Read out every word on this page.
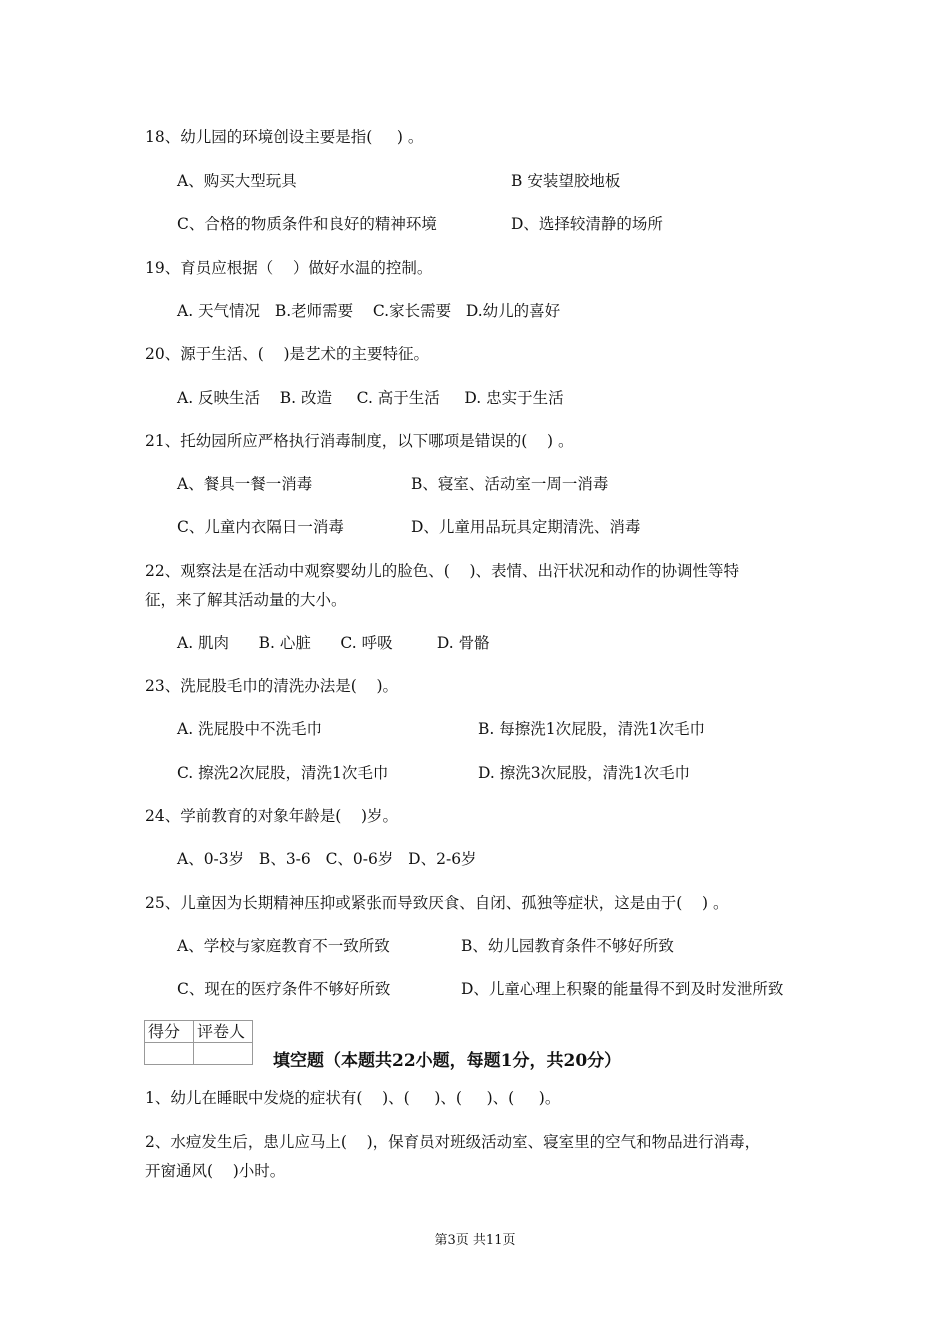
18、幼儿园的环境创设主要是指(     ) 。
A、购买大型玩具	B 安装望胶地板
C、合格的物质条件和良好的精神环境	D、选择较清静的场所
19、育员应根据（    ）做好水温的控制。
A. 天气情况   B.老师需要    C.家长需要   D.幼儿的喜好
20、源于生活、(    )是艺术的主要特征。
A. 反映生活    B. 改造     C. 高于生活     D. 忠实于生活
21、托幼园所应严格执行消毒制度，以下哪项是错误的(    ) 。
A、餐具一餐一消毒	B、寝室、活动室一周一消毒
C、儿童内衣隔日一消毒	D、儿童用品玩具定期清洗、消毒
22、观察法是在活动中观察婴幼儿的脸色、(    )、表情、出汗状况和动作的协调性等特
征，来了解其活动量的大小。
A. 肌肉      B. 心脏      C. 呼吸         D. 骨骼
23、洗屁股毛巾的清洗办法是(    )。
A. 洗屁股中不洗毛巾	B. 每擦洗1次屁股，清洗1次毛巾
C. 擦洗2次屁股，清洗1次毛巾	D. 擦洗3次屁股，清洗1次毛巾
24、学前教育的对象年龄是(    )岁。
A、0-3岁   B、3-6   C、0-6岁   D、2-6岁
25、儿童因为长期精神压抑或紧张而导致厌食、自闭、孤独等症状，这是由于(    ) 。
A、学校与家庭教育不一致所致	B、幼儿园教育条件不够好所致
C、现在的医疗条件不够好所致	D、儿童心理上积聚的能量得不到及时发泄所致
得分	评卷人

填空题（本题共22小题，每题1分，共20分）
1、幼儿在睡眠中发烧的症状有(    )、(     )、(     )、(     )。
2、水痘发生后，患儿应马上(    )，保育员对班级活动室、寝室里的空气和物品进行消毒，
开窗通风(    )小时。
第3页 共11页
